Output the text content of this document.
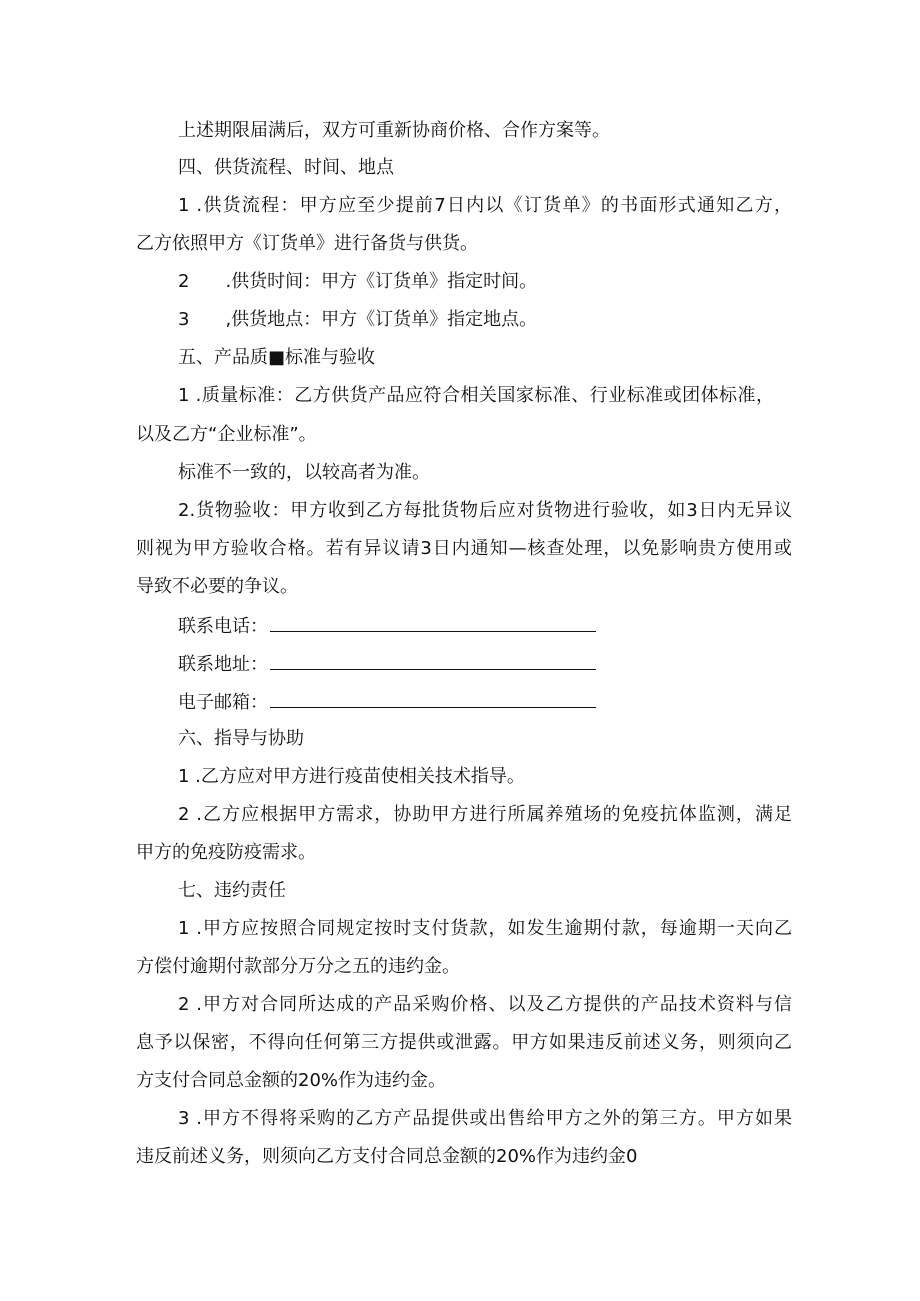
上述期限届满后，双方可重新协商价格、合作方案等。
四、供货流程、时间、地点
1 .供货流程：甲方应至少提前7日内以《订货单》的书面形式通知乙方，
乙方依照甲方《订货单》进行备货与供货。
2　　.供货时间：甲方《订货单》指定时间。
3　　,供货地点：甲方《订货单》指定地点。
五、产品质■标准与验收
1 .质量标准：乙方供货产品应符合相关国家标准、行业标准或团体标准，
以及乙方“企业标准”。
标准不一致的，以较高者为准。
2.货物验收：甲方收到乙方每批货物后应对货物进行验收，如3日内无异议
则视为甲方验收合格。若有异议请3日内通知—核查处理，以免影响贵方使用或
导致不必要的争议。
联系电话：
联系地址：
电子邮箱：
六、指导与协助
1 .乙方应对甲方进行疫苗使相关技术指导。
2 .乙方应根据甲方需求，协助甲方进行所属养殖场的免疫抗体监测，满足
甲方的免疫防疫需求。
七、违约责任
1 .甲方应按照合同规定按时支付货款，如发生逾期付款，每逾期一天向乙
方偿付逾期付款部分万分之五的违约金。
2 .甲方对合同所达成的产品采购价格、以及乙方提供的产品技术资料与信
息予以保密，不得向任何第三方提供或泄露。甲方如果违反前述义务，则须向乙
方支付合同总金额的20%作为违约金。
3 .甲方不得将采购的乙方产品提供或出售给甲方之外的第三方。甲方如果
违反前述义务，则须向乙方支付合同总金额的20%作为违约金0
